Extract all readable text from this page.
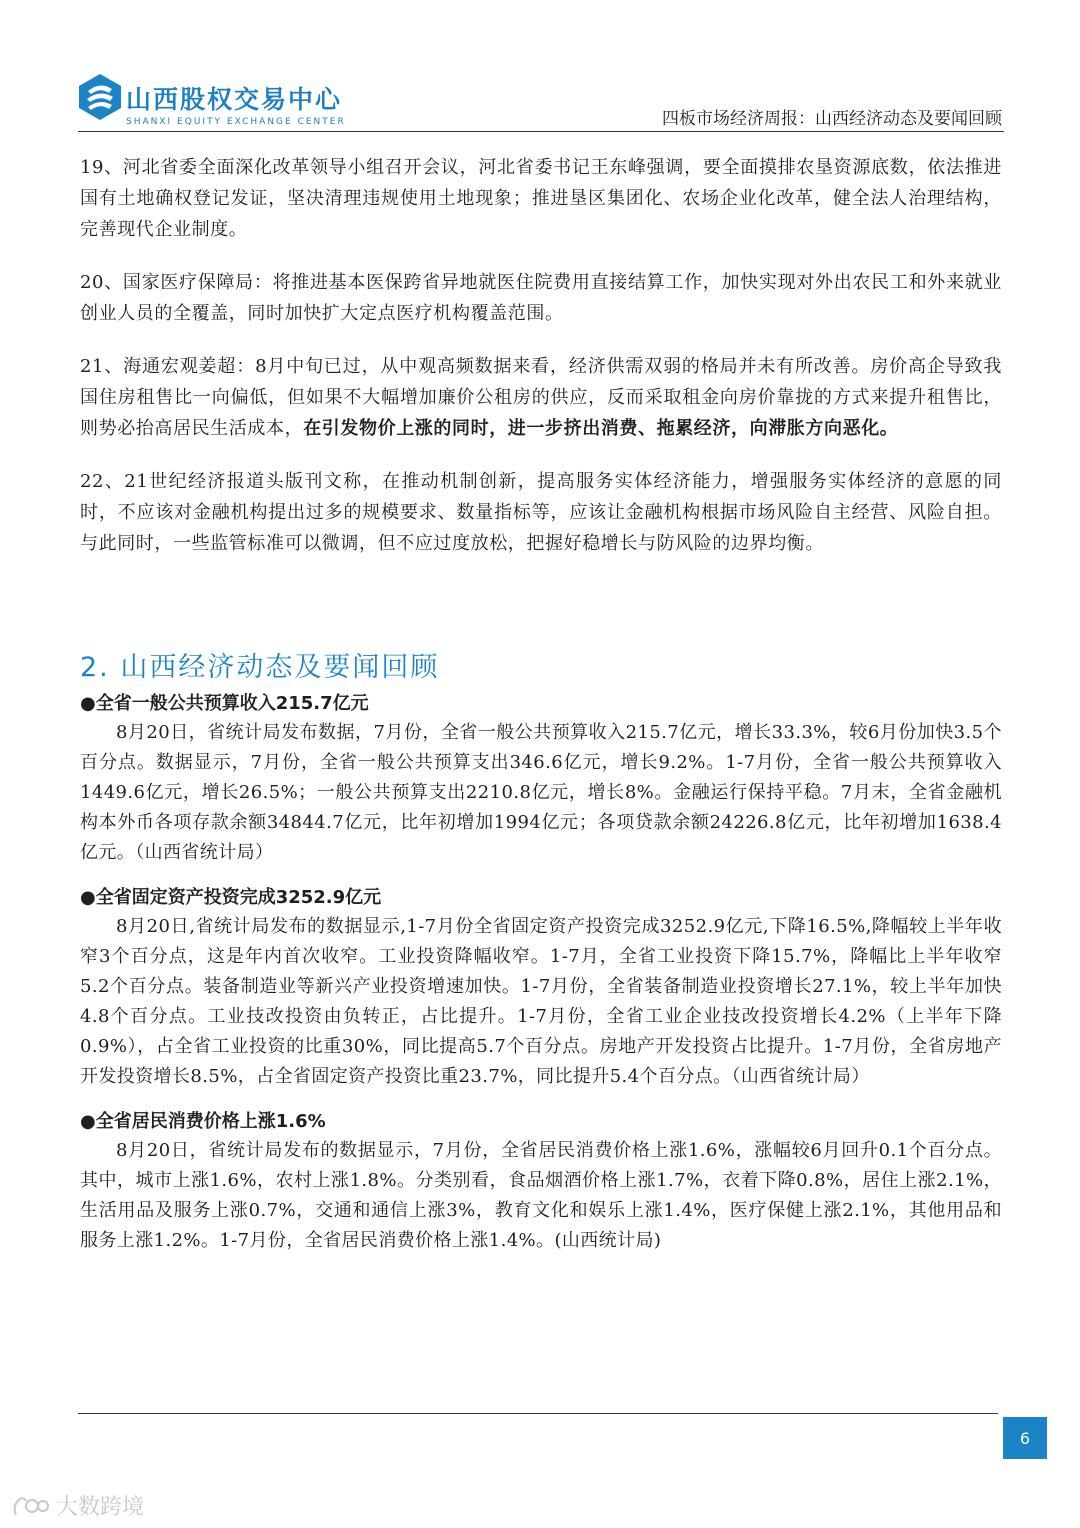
山西股权交易中心
SHANXI EQUITY EXCHANGE CENTER	四板市场经济周报：山西经济动态及要闻回顾

19、河北省委全面深化改革领导小组召开会议，河北省委书记王东峰强调，要全面摸排农垦资源底数，依法推进国有土地确权登记发证，坚决清理违规使用土地现象；推进垦区集团化、农场企业化改革，健全法人治理结构，完善现代企业制度。

20、国家医疗保障局：将推进基本医保跨省异地就医住院费用直接结算工作，加快实现对外出农民工和外来就业创业人员的全覆盖，同时加快扩大定点医疗机构覆盖范围。

21、海通宏观姜超：8月中旬已过，从中观高频数据来看，经济供需双弱的格局并未有所改善。房价高企导致我国住房租售比一向偏低，但如果不大幅增加廉价公租房的供应，反而采取租金向房价靠拢的方式来提升租售比，则势必抬高居民生活成本，在引发物价上涨的同时，进一步挤出消费、拖累经济，向滞胀方向恶化。

22、21世纪经济报道头版刊文称，在推动机制创新，提高服务实体经济能力，增强服务实体经济的意愿的同时，不应该对金融机构提出过多的规模要求、数量指标等，应该让金融机构根据市场风险自主经营、风险自担。与此同时，一些监管标准可以微调，但不应过度放松，把握好稳增长与防风险的边界均衡。

2. 山西经济动态及要闻回顾
●全省一般公共预算收入215.7亿元

8月20日，省统计局发布数据，7月份，全省一般公共预算收入215.7亿元，增长33.3%，较6月份加快3.5个百分点。数据显示，7月份，全省一般公共预算支出346.6亿元，增长9.2%。1-7月份，全省一般公共预算收入1449.6亿元，增长26.5%；一般公共预算支出2210.8亿元，增长8%。金融运行保持平稳。7月末，全省金融机构本外币各项存款余额34844.7亿元，比年初增加1994亿元；各项贷款余额24226.8亿元，比年初增加1638.4亿元。（山西省统计局）

●全省固定资产投资完成3252.9亿元

8月20日,省统计局发布的数据显示,1-7月份全省固定资产投资完成3252.9亿元,下降16.5%,降幅较上半年收窄3个百分点，这是年内首次收窄。工业投资降幅收窄。1-7月，全省工业投资下降15.7%，降幅比上半年收窄5.2个百分点。装备制造业等新兴产业投资增速加快。1-7月份，全省装备制造业投资增长27.1%，较上半年加快4.8个百分点。工业技改投资由负转正，占比提升。1-7月份，全省工业企业技改投资增长4.2%（上半年下降0.9%），占全省工业投资的比重30%，同比提高5.7个百分点。房地产开发投资占比提升。1-7月份，全省房地产开发投资增长8.5%，占全省固定资产投资比重23.7%，同比提升5.4个百分点。（山西省统计局）

●全省居民消费价格上涨1.6%

8月20日，省统计局发布的数据显示，7月份，全省居民消费价格上涨1.6%，涨幅较6月回升0.1个百分点。其中，城市上涨1.6%，农村上涨1.8%。分类别看，食品烟酒价格上涨1.7%，衣着下降0.8%，居住上涨2.1%，生活用品及服务上涨0.7%，交通和通信上涨3%，教育文化和娱乐上涨1.4%，医疗保健上涨2.1%，其他用品和服务上涨1.2%。1-7月份，全省居民消费价格上涨1.4%。(山西统计局)

6
大数跨境
